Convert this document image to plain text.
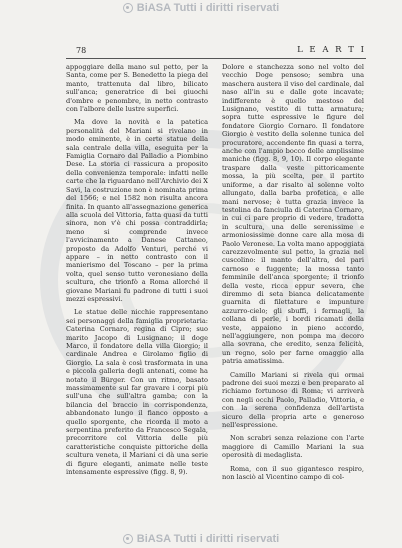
BiASA Tutti i diritti riservati
78	L E A R T I

appoggiare della mano sul petto, per la Santa, come per S. Benedetto la piega del manto, trattenuta dal libro, bilicato sull'anca; generatrice di bei giuochi d'ombre e penombre, in netto contrasto con l'albore delle lustre superfici.

Ma dove la novità e la patetica personalità del Mariani si rivelano in modo eminente, è in certe statue della sala centrale della villa, eseguita per la Famiglia Cornaro dal Palladio a Piombino Dese. La storia ci rassicura a proposito della convenienza temporale: infatti nelle carte che la riguardano nell'Archivio dei X Savi, la costruzione non è nominata prima del 1566; e nel 1582 non risulta ancora finita. In quanto all'assegnazione generica alla scuola del Vittoria, fatta quasi da tutti sinora, non v'è chi possa contraddirla; meno si comprende invece l'avvicinamento a Danese Cattaneo, proposto da Adolfo Venturi, perché vi appare – in netto contrasto con il manierismo del Toscano – per la prima volta, quel senso tutto veronesiano della scultura, che trionfò a Roma allorché il giovane Mariani fu padrone di tutti i suoi mezzi espressivi.

Le statue delle nicchie rappresentano sei personaggi della famiglia proprietaria: Caterina Cornaro, regina di Cipro; suo marito Jacopo di Lusignano; il doge Marco, il fondatore della villa Giorgio; il cardinale Andrea e Girolamo figlio di Giorgio. La sala è così trasformata in una e piccola galleria degli antenati, come ha notato il Bürger. Con un ritmo, basato massimamente sul far gravare i corpi più sull'una che sull'altra gamba; con la bilancia del braccio in corrispondenza, abbandonato lungo il fianco opposto a quello sporgente, che ricorda il moto a serpentina preferito da Francesco Segala, precorritore col Vittoria delle più caratteristiche conquiste pittoriche della scultura veneta, il Mariani ci dà una serie di figure eleganti, animate nelle teste intensamente espressive (figg. 8, 9).

Dolore e stanchezza sono nel volto del vecchio Doge pensoso; sembra una maschera austera il viso del cardinale, dal naso all'in su e dalle gote incavate; indifferente è quello mestoso del Lusignano, vestito di tutta armatura; sopra tutte espressive le figure del fondatore Giorgio Cornaro. Il fondatore Giorgio è vestito della solenne tunica del procuratore, accendente fin quasi a terra, anche con l'ampio bocco delle amplissime maniche (figg. 8, 9, 10). Il corpo elegante traspare dalla veste pittoricamente mossa, la più scelta, per il partito uniforme, a dar risalto al solenne volto allungato, dalla barba profetica, e alle mani nervose; è tutta grazia invece la testolina da fanciulla di Caterina Cornaro, in cui ci pare proprio di vedere, tradotta in scultura, una delle serenissime e armoniosissime donne care alla mosa di Paolo Veronese. La volta mano appoggiata carezzevolmente sul petto, la grazia nel cuscolino: il manto dell'altra, del pari carnoso e fuggente; la mossa tanto femminile dell'anca sporgente; il trionfo della veste, ricca eppur severa, che diremmo di seta bianca delicatamente guarnita di filettature e impunture azzurro-cielo; gli sbuffi, i fermagli, la collana di perle, i bordi ricamati della veste, appaiono in pieno accordo, nell'aggiungere, non pompa ma decoro alla sovrana, che eredito, senza felicità, un regno, solo per farne omaggio alla patria amatissima.

Camillo Mariani si rivela qui ormai padrone dei suoi mezzi e ben preparato al richiamo fortunoso di Roma; vi arriverà con negli occhi Paolo, Palladio, Vittoria, e con la serena confidenza dell'artista sicuro della propria arte e generoso nell'espressione.

Non scrabri senza relazione con l'arte maggiore di Camillo Mariani la sua operosità di medaglista.

Roma, con il suo gigantesco respiro, non lasciò al Vicentino campo di col-

BiASA Tutti i diritti riservati
